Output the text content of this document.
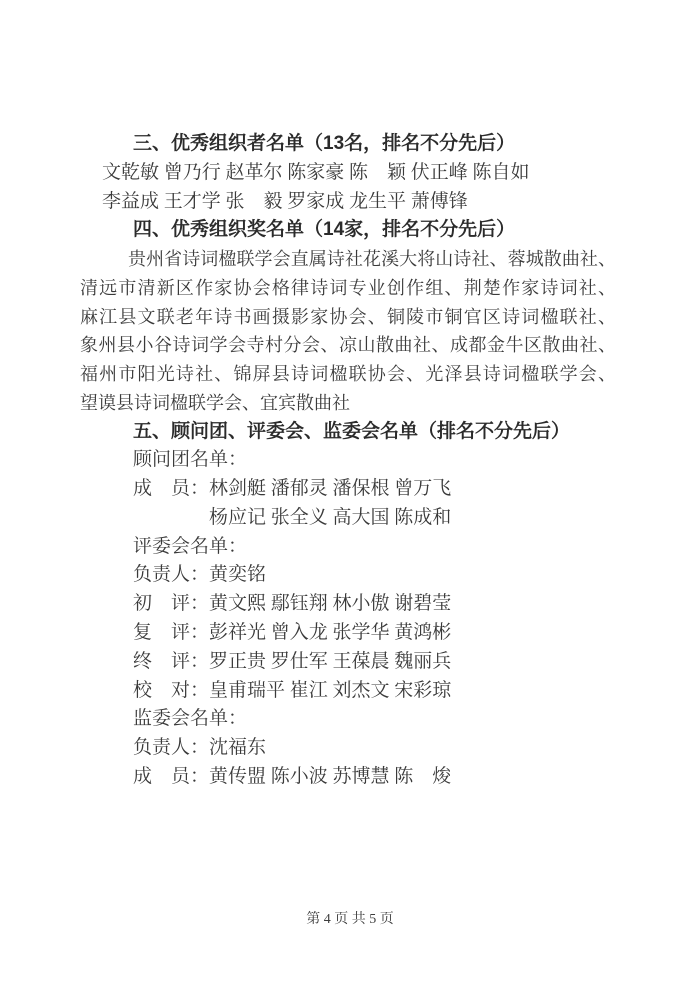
三、优秀组织者名单（13名，排名不分先后）
文乾敏 曾乃行 赵革尔 陈家豪 陈　颖 伏正峰 陈自如
李益成 王才学 张　毅 罗家成 龙生平 萧傅锋
四、优秀组织奖名单（14家，排名不分先后）
贵州省诗词楹联学会直属诗社花溪大将山诗社、蓉城散曲社、
清远市清新区作家协会格律诗词专业创作组、荆楚作家诗词社、
麻江县文联老年诗书画摄影家协会、铜陵市铜官区诗词楹联社、
象州县小谷诗词学会寺村分会、凉山散曲社、成都金牛区散曲社、
福州市阳光诗社、锦屏县诗词楹联协会、光泽县诗词楹联学会、
望谟县诗词楹联学会、宜宾散曲社
五、顾问团、评委会、监委会名单（排名不分先后）
顾问团名单：
成　员：林剑艇 潘郁灵 潘保根 曾万飞
杨应记 张全义 高大国 陈成和
评委会名单：
负责人：黄奕铭
初　评：黄文熙 鄢钰翔 林小傲 谢碧莹
复　评：彭祥光 曾入龙 张学华 黄鸿彬
终　评：罗正贵 罗仕军 王葆晨 魏丽兵
校　对：皇甫瑞平 崔江 刘杰文 宋彩琼
监委会名单：
负责人：沈福东
成　员：黄传盟 陈小波 苏博慧 陈　焌
第 4 页 共 5 页
